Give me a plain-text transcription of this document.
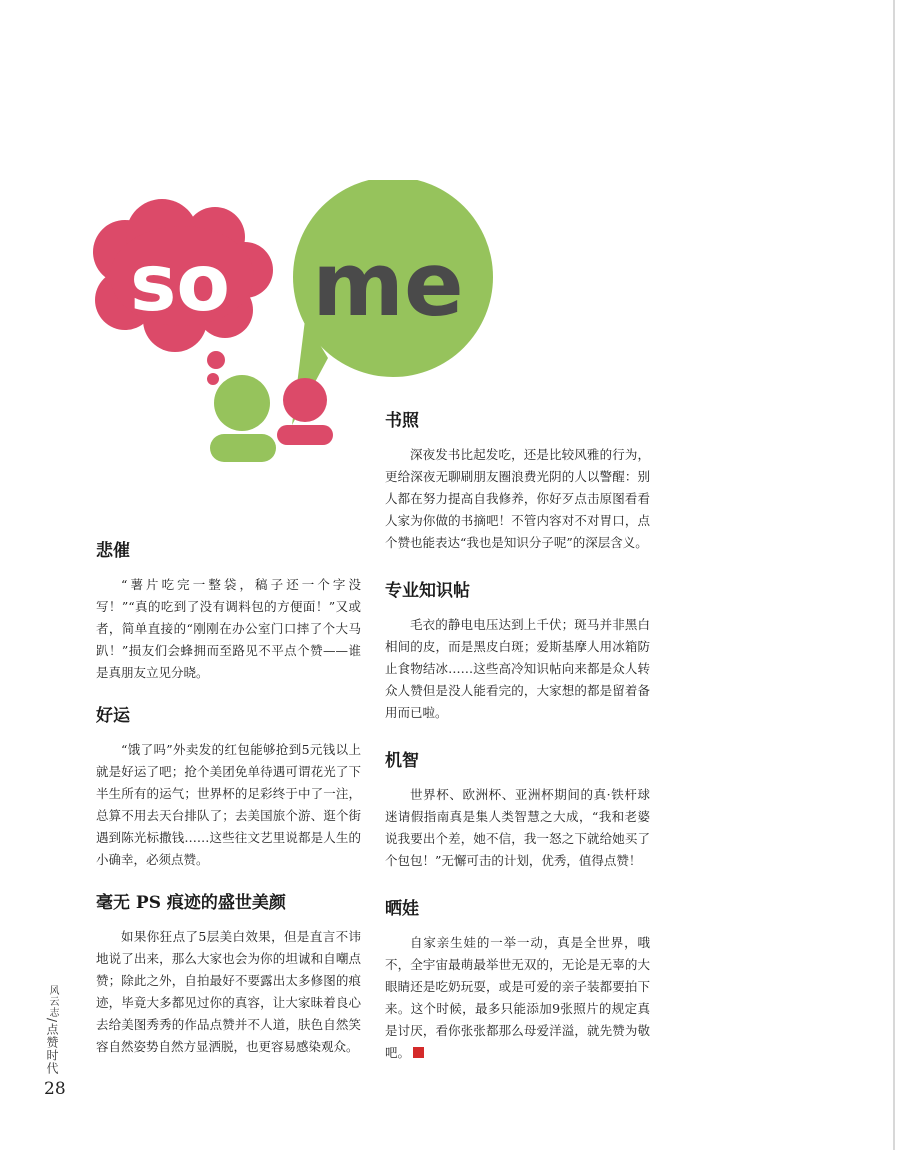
so me
悲催

“薯片吃完一整袋，稿子还一个字没写！”“真的吃到了没有调料包的方便面！”又或者，简单直接的“刚刚在办公室门口摔了个大马趴！”损友们会蜂拥而至路见不平点个赞——谁是真朋友立见分晓。

好运

“饿了吗”外卖发的红包能够抢到5元钱以上就是好运了吧；抢个美团免单待遇可谓花光了下半生所有的运气；世界杯的足彩终于中了一注，总算不用去天台排队了；去美国旅个游、逛个街遇到陈光标撒钱……这些往文艺里说都是人生的小确幸，必须点赞。

毫无 PS 痕迹的盛世美颜

如果你狂点了5层美白效果，但是直言不讳地说了出来，那么大家也会为你的坦诚和自嘲点赞；除此之外，自拍最好不要露出太多修图的痕迹，毕竟大多都见过你的真容，让大家昧着良心去给美图秀秀的作品点赞并不人道，肤色自然笑容自然姿势自然方显洒脱，也更容易感染观众。

书照

深夜发书比起发吃，还是比较风雅的行为，更给深夜无聊刷朋友圈浪费光阴的人以警醒：别人都在努力提高自我修养，你好歹点击原图看看人家为你做的书摘吧！不管内容对不对胃口，点个赞也能表达“我也是知识分子呢”的深层含义。

专业知识帖

毛衣的静电电压达到上千伏；斑马并非黑白相间的皮，而是黑皮白斑；爱斯基摩人用冰箱防止食物结冰……这些高冷知识帖向来都是众人转众人赞但是没人能看完的，大家想的都是留着备用而已啦。

机智

世界杯、欧洲杯、亚洲杯期间的真·铁杆球迷请假指南真是集人类智慧之大成，“我和老婆说我要出个差，她不信，我一怒之下就给她买了个包包！”无懈可击的计划，优秀，值得点赞！

晒娃

自家亲生娃的一举一动，真是全世界，哦不，全宇宙最萌最举世无双的，无论是无辜的大眼睛还是吃奶玩耍，或是可爱的亲子装都要拍下来。这个时候，最多只能添加9张照片的规定真是讨厌，看你张张都那么母爱洋溢，就先赞为敬吧。

风云志/点赞时代
28
